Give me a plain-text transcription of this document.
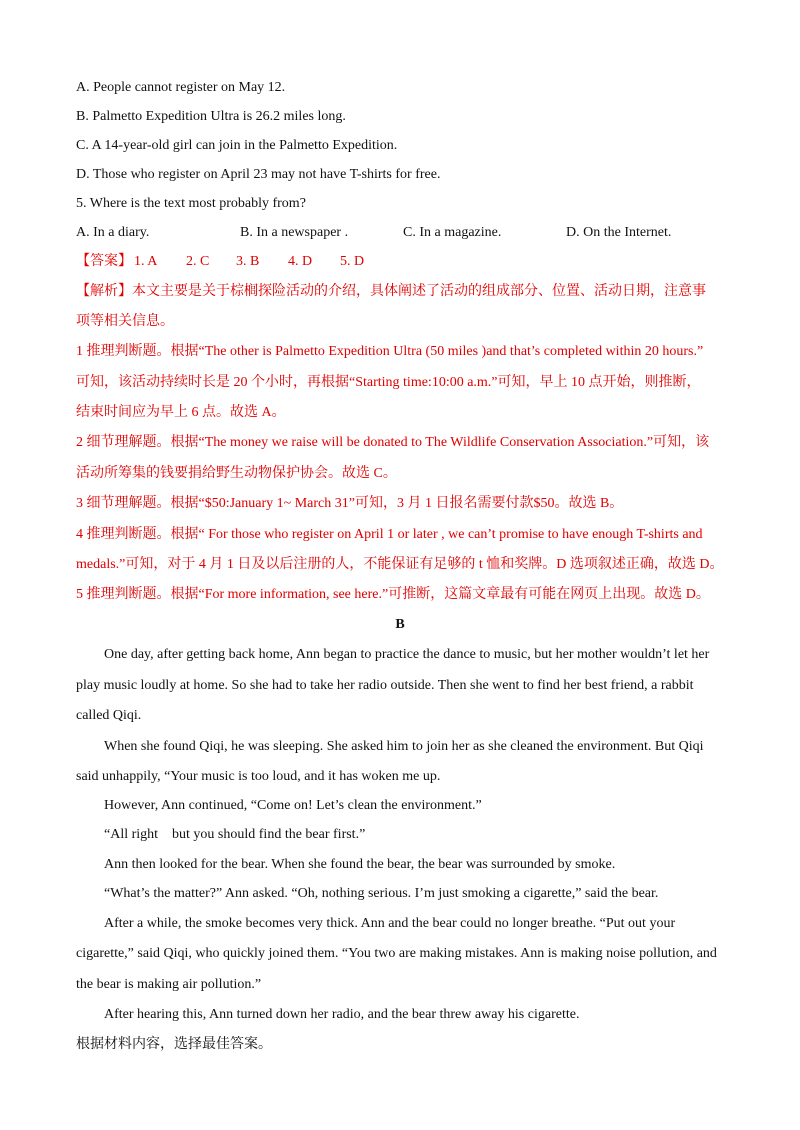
A. People cannot register on May 12.
B. Palmetto Expedition Ultra is 26.2 miles long.
C. A 14-year-old girl can join in the Palmetto Expedition.
D. Those who register on April 23 may not have T-shirts for free.
5. Where is the text most probably from?
A. In a diary.	B. In a newspaper .	C. In a magazine.	D. On the Internet.
【答案】 1. A 2. C 3. B 4. D 5. D
【解析】本文主要是关于棕榈探险活动的介绍，具体阐述了活动的组成部分、位置、活动日期，注意事
项等相关信息。
1 推理判断题。根据“The other is Palmetto Expedition Ultra (50 miles )and that’s completed within 20 hours.”
可知，该活动持续时长是 20 个小时，再根据“Starting time:10:00 a.m.”可知，早上 10 点开始，则推断，
结束时间应为早上 6 点。故选 A。
2 细节理解题。根据“The money we raise will be donated to The Wildlife Conservation Association.”可知，该
活动所筹集的钱要捐给野生动物保护协会。故选 C。
3 细节理解题。根据“$50:January 1~ March 31”可知，3 月 1 日报名需要付款$50。故选 B。
4 推理判断题。根据“ For those who register on April 1 or later , we can’t promise to have enough T-shirts and
medals.”可知，对于 4 月 1 日及以后注册的人，不能保证有足够的 t 恤和奖牌。D 选项叙述正确，故选 D。
5 推理判断题。根据“For more information, see here.”可推断，这篇文章最有可能在网页上出现。故选 D。
B
One day, after getting back home, Ann began to practice the dance to music, but her mother wouldn’t let her
play music loudly at home. So she had to take her radio outside. Then she went to find her best friend, a rabbit
called Qiqi.
When she found Qiqi, he was sleeping. She asked him to join her as she cleaned the environment. But Qiqi
said unhappily, “Your music is too loud, and it has woken me up.
However, Ann continued, “Come on! Let’s clean the environment.”
“All right    but you should find the bear first.”
Ann then looked for the bear. When she found the bear, the bear was surrounded by smoke.
“What’s the matter?” Ann asked. “Oh, nothing serious. I’m just smoking a cigarette,” said the bear.
After a while, the smoke becomes very thick. Ann and the bear could no longer breathe. “Put out your
cigarette,” said Qiqi, who quickly joined them. “You two are making mistakes. Ann is making noise pollution, and
the bear is making air pollution.”
After hearing this, Ann turned down her radio, and the bear threw away his cigarette.
根据材料内容，选择最佳答案。
